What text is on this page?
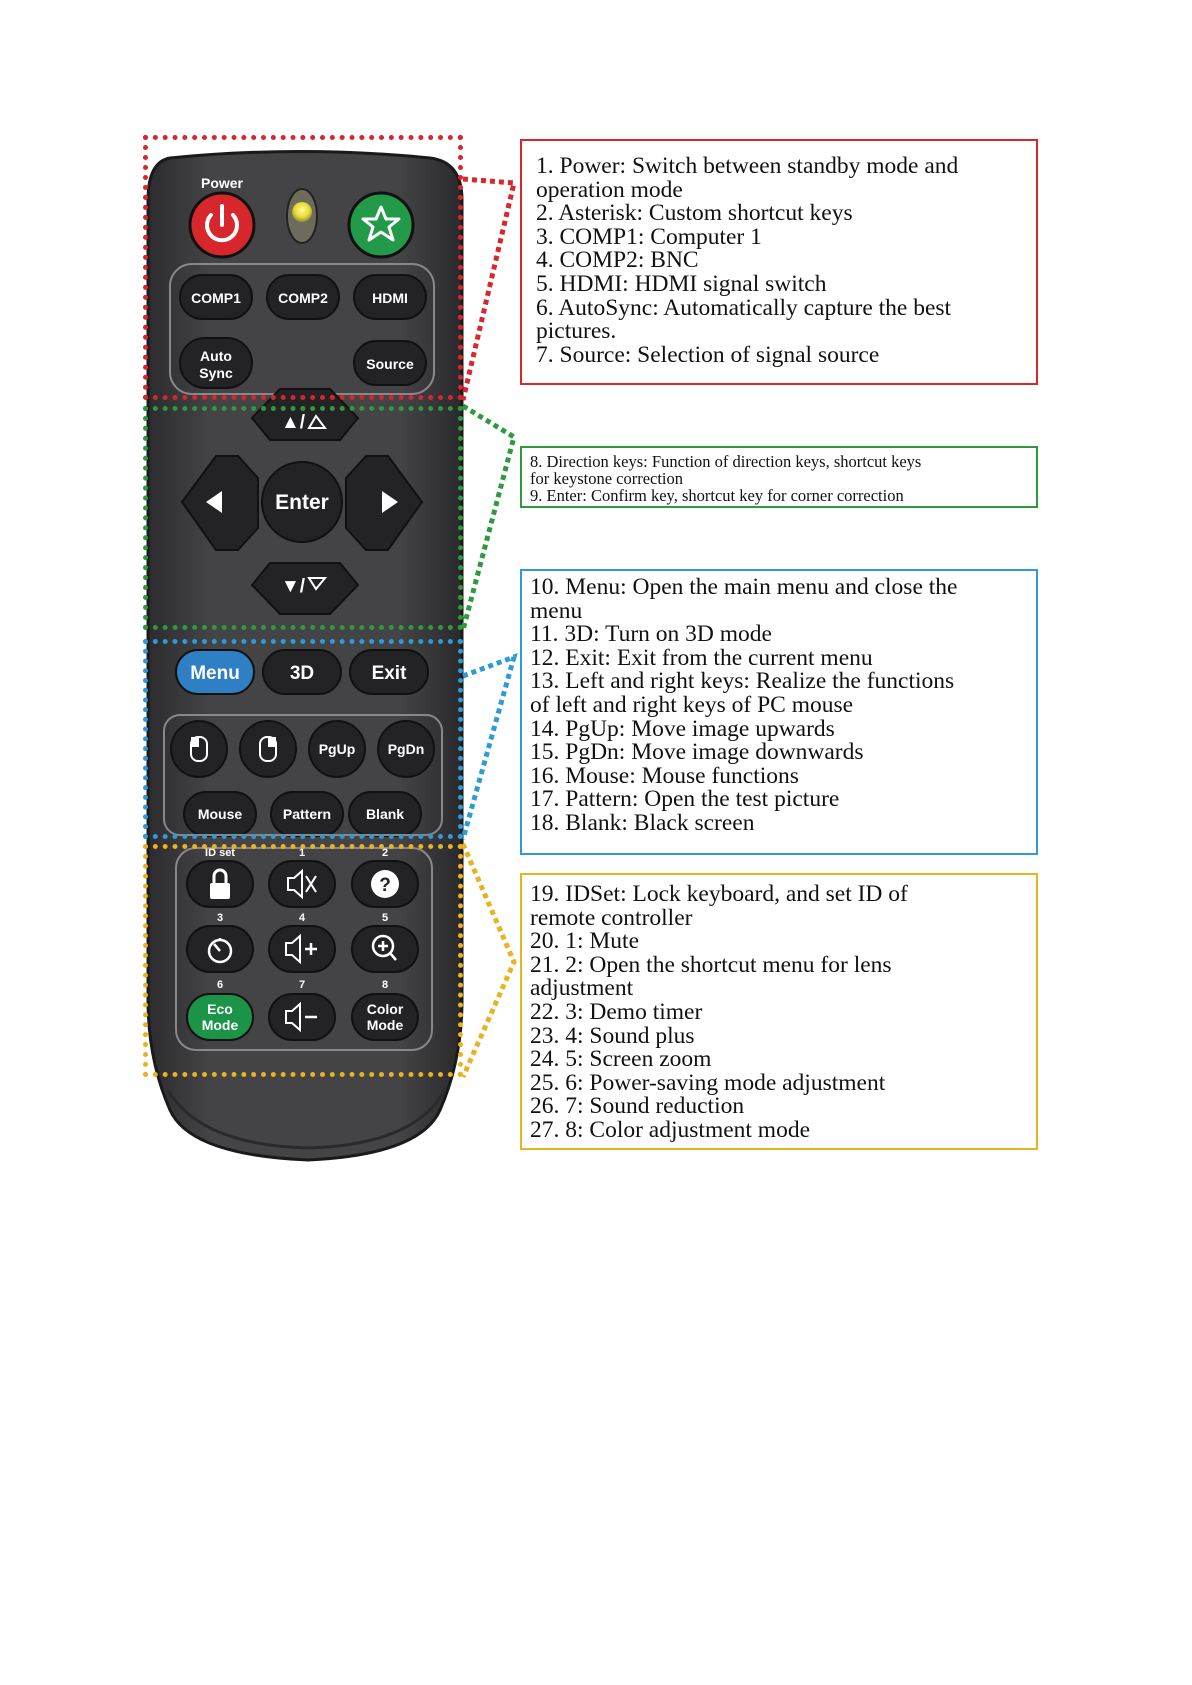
Power
COMP1	COMP2	HDMI
Auto
Sync
Source
Menu	3D	Exit
PgUp PgDn
Mouse	Pattern Blank
ID set	1	2
3	4	5
6	7	8
?
Eco
Mode
Color
Mode
Enter
▲/
▼/
1. Power: Switch between standby mode and
operation mode
2. Asterisk: Custom shortcut keys
3. COMP1: Computer 1
4. COMP2: BNC
5. HDMI: HDMI signal switch
6. AutoSync: Automatically capture the best
pictures.
7. Source: Selection of signal source
8. Direction keys: Function of direction keys, shortcut keys
for keystone correction
9. Enter: Confirm key, shortcut key for corner correction
10. Menu: Open the main menu and close the
menu
11. 3D: Turn on 3D mode
12. Exit: Exit from the current menu
13. Left and right keys: Realize the functions
of left and right keys of PC mouse
14. PgUp: Move image upwards
15. PgDn: Move image downwards
16. Mouse: Mouse functions
17. Pattern: Open the test picture
18. Blank: Black screen
19. IDSet: Lock keyboard, and set ID of
remote controller
20. 1: Mute
21. 2: Open the shortcut menu for lens
adjustment
22. 3: Demo timer
23. 4: Sound plus
24. 5: Screen zoom
25. 6: Power-saving mode adjustment
26. 7: Sound reduction
27. 8: Color adjustment mode
